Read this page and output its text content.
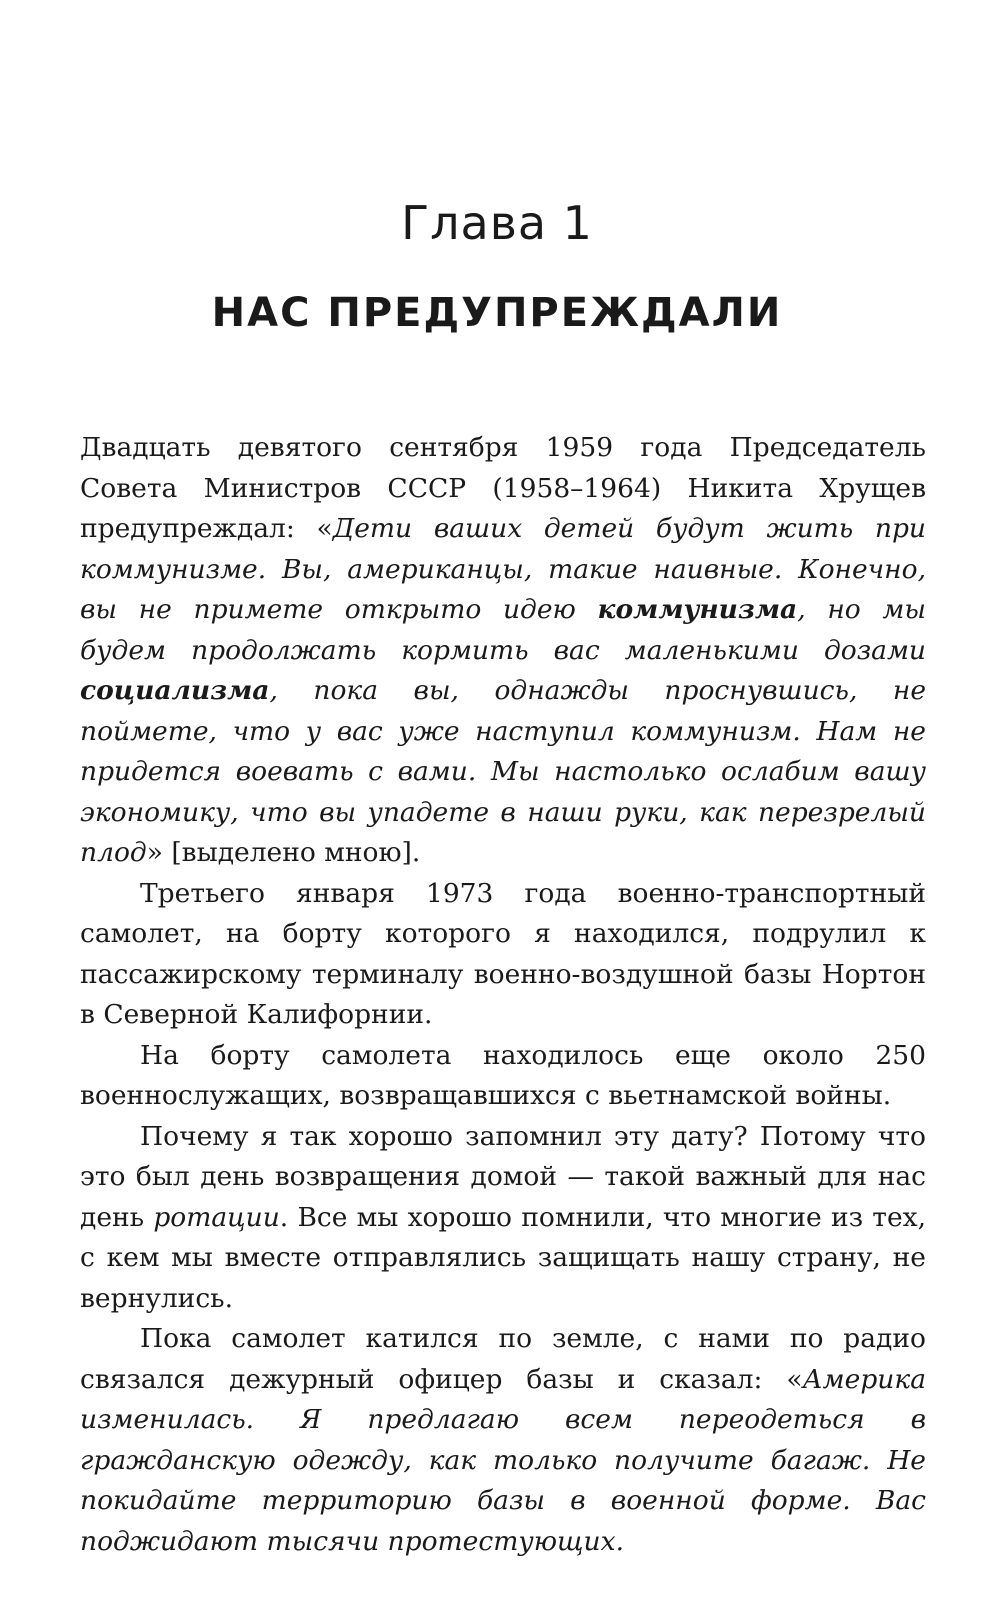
Глава 1
НАС ПРЕДУПРЕЖДАЛИ

Двадцать девятого сентября 1959 года Председатель Совета Министров СССР (1958–1964) Никита Хрущев предупреждал: «Дети ваших детей будут жить при коммунизме. Вы, американцы, такие наивные. Конечно, вы не примете открыто идею коммунизма, но мы будем продолжать кормить вас маленькими дозами социализма, пока вы, однажды проснувшись, не поймете, что у вас уже наступил коммунизм. Нам не придется воевать с вами. Мы настолько ослабим вашу экономику, что вы упадете в наши руки, как перезрелый плод» [выделено мною].

Третьего января 1973 года военно-транспортный самолет, на борту которого я находился, подрулил к пассажирскому терминалу военно-воздушной базы Нортон в Северной Калифорнии.

На борту самолета находилось еще около 250 военнослужащих, возвращавшихся с вьетнамской войны.

Почему я так хорошо запомнил эту дату? Потому что это был день возвращения домой — такой важный для нас день ротации. Все мы хорошо помнили, что многие из тех, с кем мы вместе отправлялись защищать нашу страну, не вернулись.

Пока самолет катился по земле, с нами по радио связался дежурный офицер базы и сказал: «Америка изменилась. Я предлагаю всем переодеться в гражданскую одежду, как только получите багаж. Не покидайте территорию базы в военной форме. Вас поджидают тысячи протестующих.
